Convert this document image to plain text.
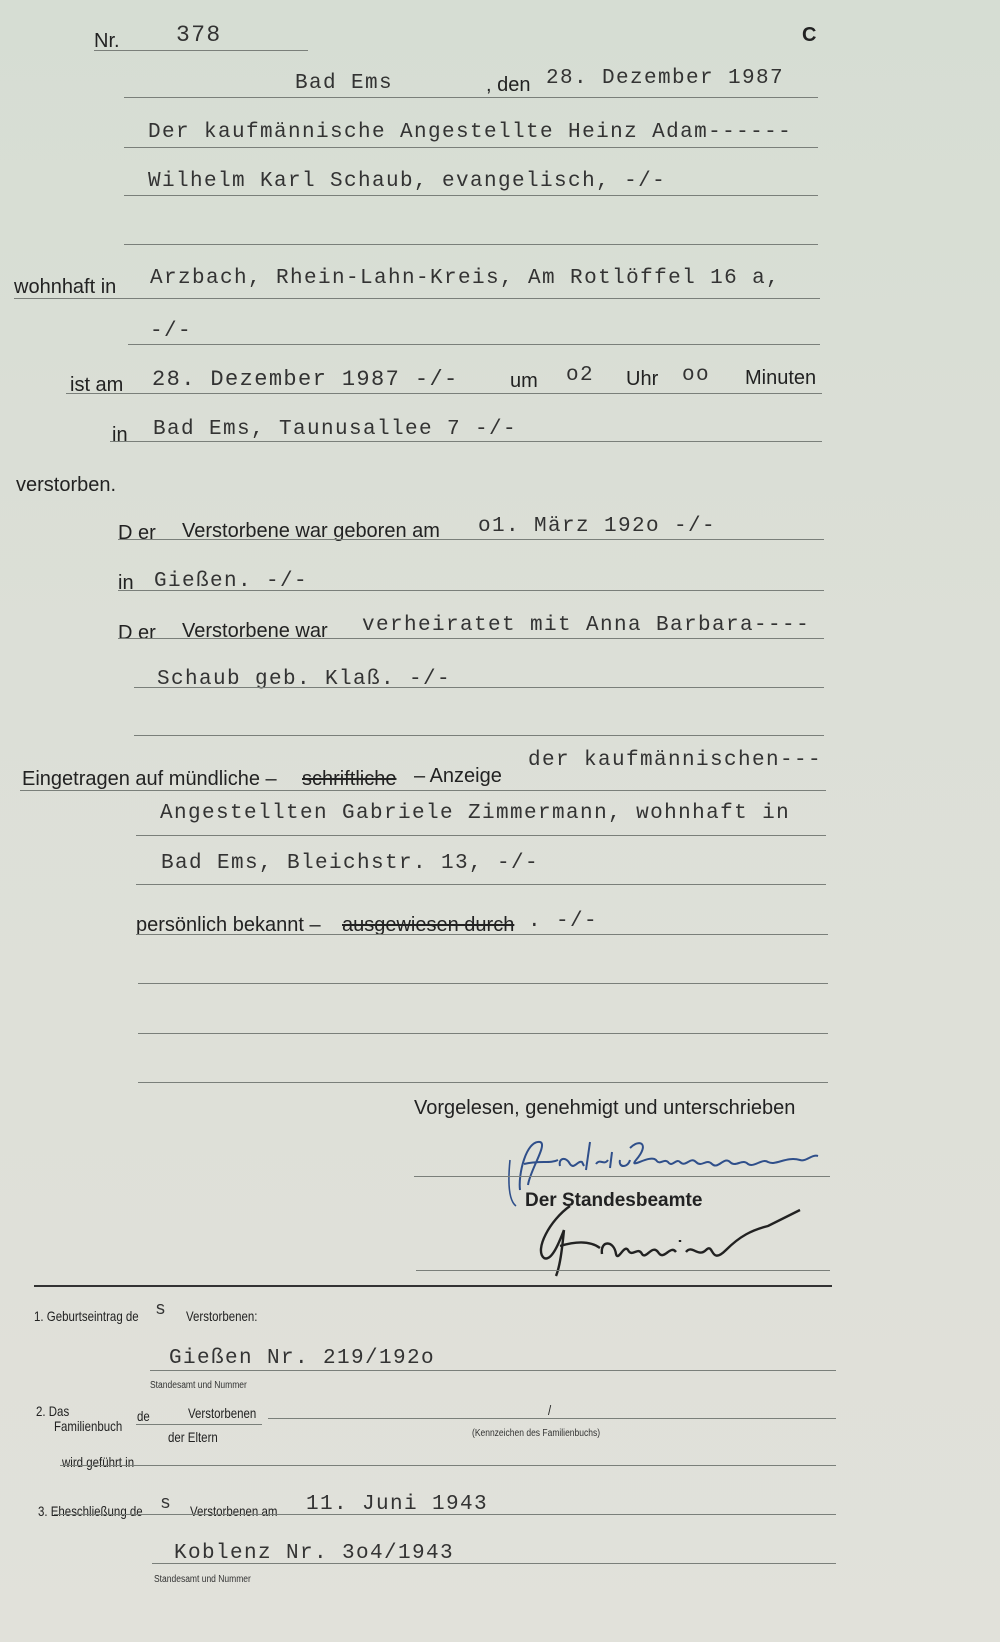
Nr. 378	C
Bad Ems	, den 28. Dezember 1987
Der kaufmännische Angestellte Heinz Adam------
Wilhelm Karl Schaub, evangelisch, -/-
wohnhaft in Arzbach, Rhein-Lahn-Kreis, Am Rotlöffel 16 a,
-/-
ist am 28. Dezember 1987 -/-	um o2 Uhr oo Minuten
in Bad Ems, Taunusallee 7 -/-
verstorben.
D er Verstorbene war geboren am o1. März 192o -/-
in Gießen. -/-
D er Verstorbene war verheiratet mit Anna Barbara----
Schaub geb. Klaß. -/-
Eingetragen auf mündliche – schriftliche – Anzeige
der kaufmännischen---
Angestellten Gabriele Zimmermann, wohnhaft in
Bad Ems, Bleichstr. 13, -/-
persönlich bekannt – ausgewiesen durch . -/-
Vorgelesen, genehmigt und unterschrieben
Der Standesbeamte
1. Geburtseintrag de s Verstorbenen:
Gießen Nr. 219/192o
Standesamt und Nummer
2. Das
Familienbuch
de	Verstorbenen
der Eltern
/
(Kennzeichen des Familienbuchs)
wird geführt in
3. Eheschließung de s Verstorbenen am 11. Juni 1943
Koblenz Nr. 3o4/1943
Standesamt und Nummer
